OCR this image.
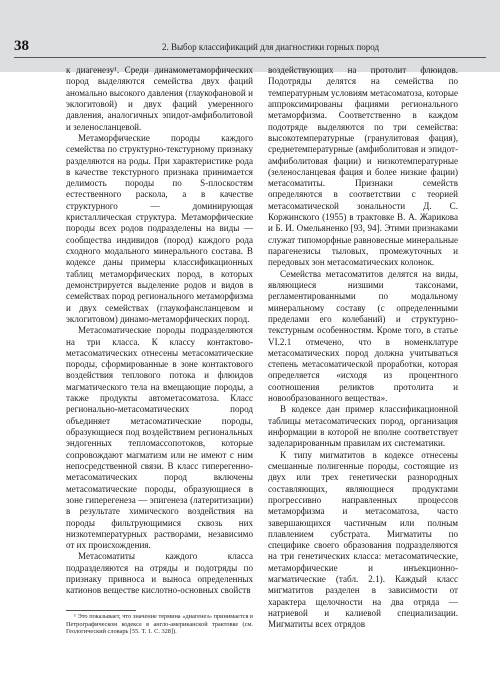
38	2. Выбор классификаций для диагностики горных пород

к диагенезу¹. Среди динамометаморфических пород выделяются семейства двух фаций аномально высокого давления (глаукофановой и эклогитовой) и двух фаций умеренного давления, аналогичных эпидот-амфиболитовой и зеленосланцевой.

Метаморфические породы каждого семейства по структурно-текстурному признаку разделяются на роды. При характеристике рода в качестве текстурного признака принимается делимость породы по S-плоскостям естественного раскола, а в качестве структурного — доминирующая кристаллическая структура. Метаморфические породы всех родов подразделены на виды — сообщества индивидов (пород) каждого рода сходного модального минерального состава. В кодексе даны примеры классификационных таблиц метаморфических пород, в которых демонстрируется выделение родов и видов в семействах пород регионального метаморфизма и двух семействах (глаукофансланцевом и эклогитовом) динамо-метаморфических пород.

Метасоматические породы подразделяются на три класса. К классу контактово-метасоматических отнесены метасоматические породы, сформированные в зоне контактового воздействия теплового потока и флюидов магматического тела на вмещающие породы, а также продукты автометасоматоза. Класс регионально-метасоматических пород объединяет метасоматические породы, образующиеся под воздействием региональных эндогенных тепломассопотоков, которые сопровождают магматизм или не имеют с ним непосредственной связи. В класс гиперегенно-метасоматических пород включены метасоматические породы, образующиеся в зоне гиперегенеза — эпигенеза (латеритизации) в результате химического воздействия на породы фильтрующимися сквозь них низкотемпературных растворами, независимо от их происхождения.

Метасоматиты каждого класса подразделяются на отряды и подотряды по признаку привноса и выноса определенных катионов веществе кислотно-основных свойств

воздействующих на протолит флюидов. Подотряды делятся на семейства по температурным условиям метасоматоза, которые аппроксимированы фациями регионального метаморфизма. Соответственно в каждом подотряде выделяются по три семейства: высокотемпературные (гранулитовая фация), среднетемпературные (амфиболитовая и эпидот-амфиболитовая фации) и низкотемпературные (зеленосланцевая фация и более низкие фации) метасоматиты. Признаки семейств определяются в соответствии с теорией метасоматической зональности Д. С. Коржинского (1955) в трактовке В. А. Жарикова и Б. И. Омельяненко [93, 94]. Этими признаками служат типоморфные равновесные минеральные парагенезисы тыловых, промежуточных и передовых зон метасоматических колонок.

Семейства метасоматитов делятся на виды, являющиеся низшими таксонами, регламентированными по модальному минеральному составу (с определенными пределами его колебаний) и структурно-текстурным особенностям. Кроме того, в статье VI.2.1 отмечено, что в номенклатуре метасоматических пород должна учитываться степень метасоматической проработки, которая определяется «исходя из процентного соотношения реликтов протолита и новообразованного вещества».

В кодексе дан пример классификационной таблицы метасоматических пород, организация информации в которой не вполне соответствует заделарированным правилам их систематики.

К типу мигматитов в кодексе отнесены смешанные полигенные породы, состоящие из двух или трех генетически разнородных составляющих, являющиеся продуктами прогрессивно направленных процессов метаморфизма и метасоматоза, часто завершающихся частичным или полным плавлением субстрата. Мигматиты по специфике своего образования подразделяются на три генетических класса: метасоматические, метаморфические и инъекционно-магматические (табл. 2.1). Каждый класс мигматитов разделен в зависимости от характера щелочности на два отряда — натриевой и калиевой специализации. Мигматиты всех отрядов

¹ Это показывает, что значение термина «диагенез» принимается в Петрографическом кодексе в англо-американской трактовке (см. Геологический словарь [55. Т. 1. С. 328]).
